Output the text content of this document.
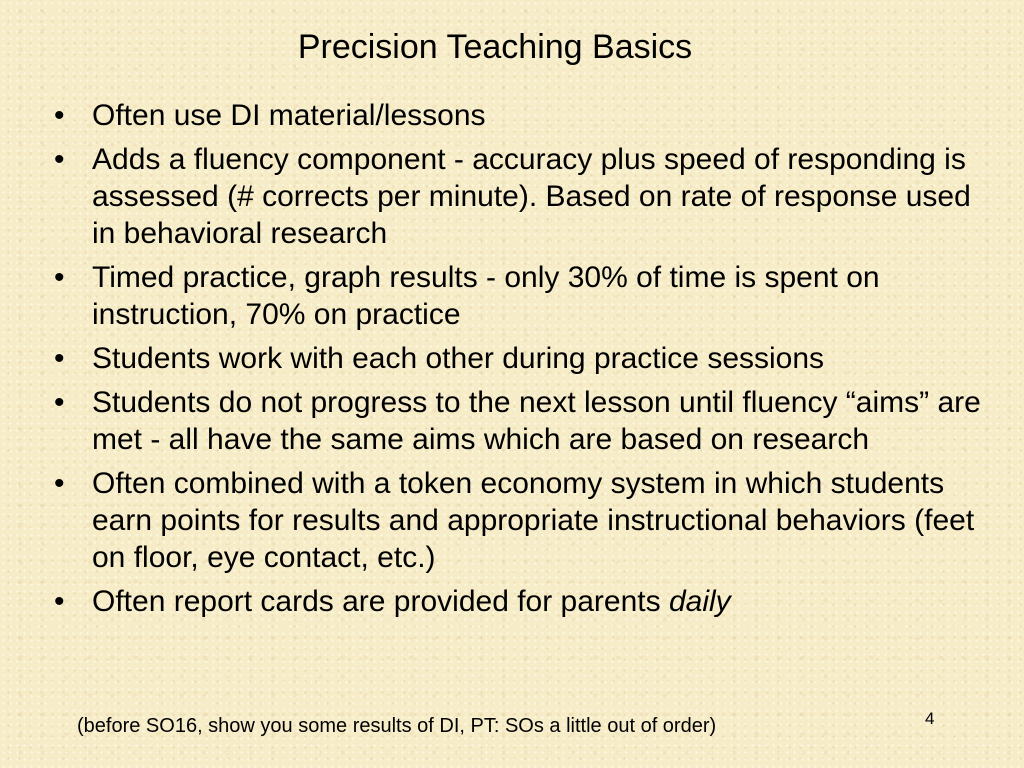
Precision Teaching Basics
• Often use DI material/lessons
• Adds a fluency component - accuracy plus speed of responding is assessed (# corrects per minute). Based on rate of response used in behavioral research
• Timed practice, graph results - only 30% of time is spent on instruction, 70% on practice
• Students work with each other during practice sessions
• Students do not progress to the next lesson until fluency “aims” are met - all have the same aims which are based on research
• Often combined with a token economy system in which students earn points for results and appropriate instructional behaviors (feet on floor, eye contact, etc.)
• Often report cards are provided for parents daily
(before SO16, show you some results of DI, PT: SOs a little out of order)	4
